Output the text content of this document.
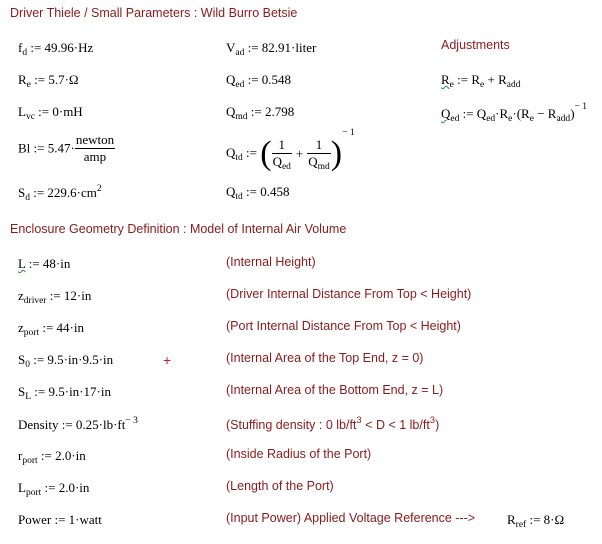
Driver Thiele / Small Parameters : Wild Burro Betsie
$f_d$ := 49.96·Hz
$R_e$ := 5.7·Ω
$L_{vc}$ := 0·mH
Bl := $5.47\cdot \frac{\text{newton}}{\text{amp}}$
$S_d$ := $229.6\cdot cm^2$
$V_{ad}$ := 82.91·liter
$Q_{ed}$ := 0.548
$Q_{md}$ := 2.798
$Q_{td}$ := ( $\frac{1}{Q_{ed}} + \frac{1}{Q_{md}} )^{- 1}$
$Q_{td}$ := 0.458
Adjustments
$R_e$ := $R_e + R_{add}$
$Q_{ed}$ := $Q_{ed}\cdot R_e\cdot(R_e - R_{add})^{- 1}$
Enclosure Geometry Definition : Model of Internal Air Volume
L := 48·in	(Internal Height)
$z_{driver}$ := 12·in	(Driver Internal Distance From Top < Height)
$z_{port}$ := 44·in	(Port Internal Distance From Top < Height)
$S_0$ := 9.5·in·9.5·in	+	(Internal Area of the Top End, z = 0)
$S_L$ := 9.5·in·17·in	(Internal Area of the Bottom End, z = L)
Density := $0.25\cdot lb\cdot ft^{- 3}$	(Stuffing density : 0 $lb/ft^3 < D < 1$ $lb/ft^3$)
$r_{port}$ := 2.0·in	(Inside Radius of the Port)
$L_{port}$ := 2.0·in	(Length of the Port)
Power := 1·watt	(Input Power) Applied Voltage Reference ---> $R_{ref}$ := 8·Ω
